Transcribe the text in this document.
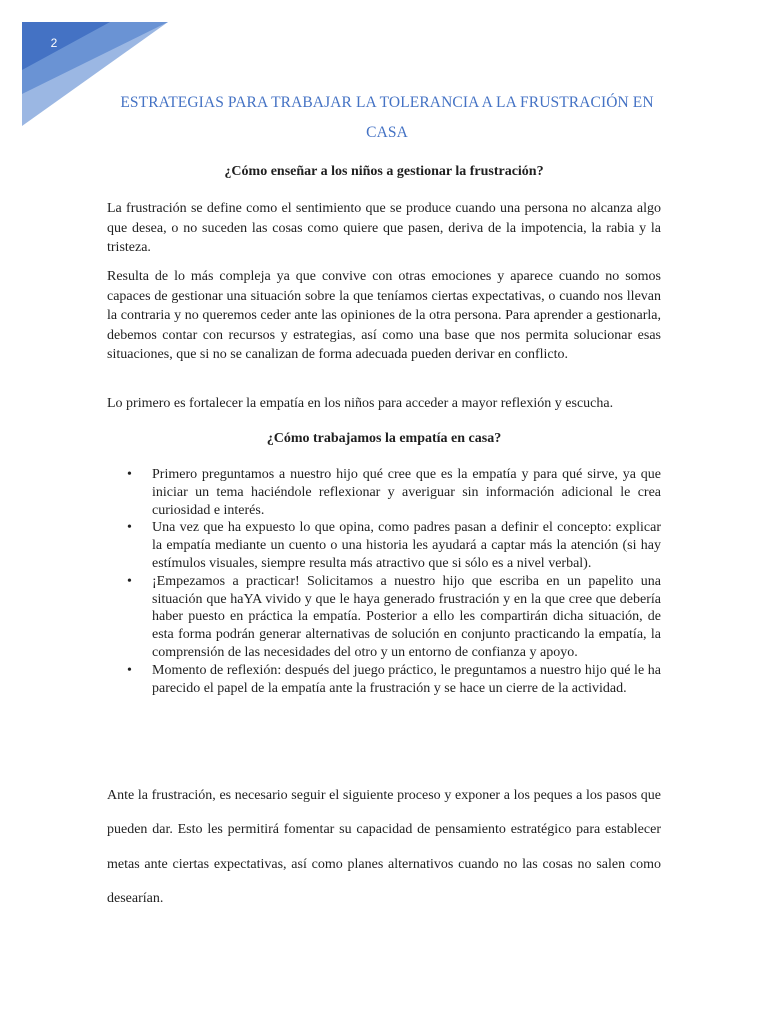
2
ESTRATEGIAS PARA TRABAJAR LA TOLERANCIA A LA FRUSTRACIÓN EN CASA
¿Cómo enseñar a los niños a gestionar la frustración?

La frustración se define como el sentimiento que se produce cuando una persona no alcanza algo que desea, o no suceden las cosas como quiere que pasen, deriva de la impotencia, la rabia y la tristeza.

Resulta de lo más compleja ya que convive con otras emociones y aparece cuando no somos capaces de gestionar una situación sobre la que teníamos ciertas expectativas, o cuando nos llevan la contraria y no queremos ceder ante las opiniones de la otra persona. Para aprender a gestionarla, debemos contar con recursos y estrategias, así como una base que nos permita solucionar esas situaciones, que si no se canalizan de forma adecuada pueden derivar en conflicto.

Lo primero es fortalecer la empatía en los niños para acceder a mayor reflexión y escucha.

¿Cómo trabajamos la empatía en casa?
• Primero preguntamos a nuestro hijo qué cree que es la empatía y para qué sirve, ya que iniciar un tema haciéndole reflexionar y averiguar sin información adicional le crea curiosidad e interés.
• Una vez que ha expuesto lo que opina, como padres pasan a definir el concepto: explicar la empatía mediante un cuento o una historia les ayudará a captar más la atención (si hay estímulos visuales, siempre resulta más atractivo que si sólo es a nivel verbal).
• ¡Empezamos a practicar! Solicitamos a nuestro hijo que escriba en un papelito una situación que haYA vivido y que le haya generado frustración y en la que cree que debería haber puesto en práctica la empatía. Posterior a ello les compartirán dicha situación, de esta forma podrán generar alternativas de solución en conjunto practicando la empatía, la comprensión de las necesidades del otro y un entorno de confianza y apoyo.
• Momento de reflexión: después del juego práctico, le preguntamos a nuestro hijo qué le ha parecido el papel de la empatía ante la frustración y se hace un cierre de la actividad.

Ante la frustración, es necesario seguir el siguiente proceso y exponer a los peques a los pasos que pueden dar. Esto les permitirá fomentar su capacidad de pensamiento estratégico para establecer metas ante ciertas expectativas, así como planes alternativos cuando no las cosas no salen como desearían.
